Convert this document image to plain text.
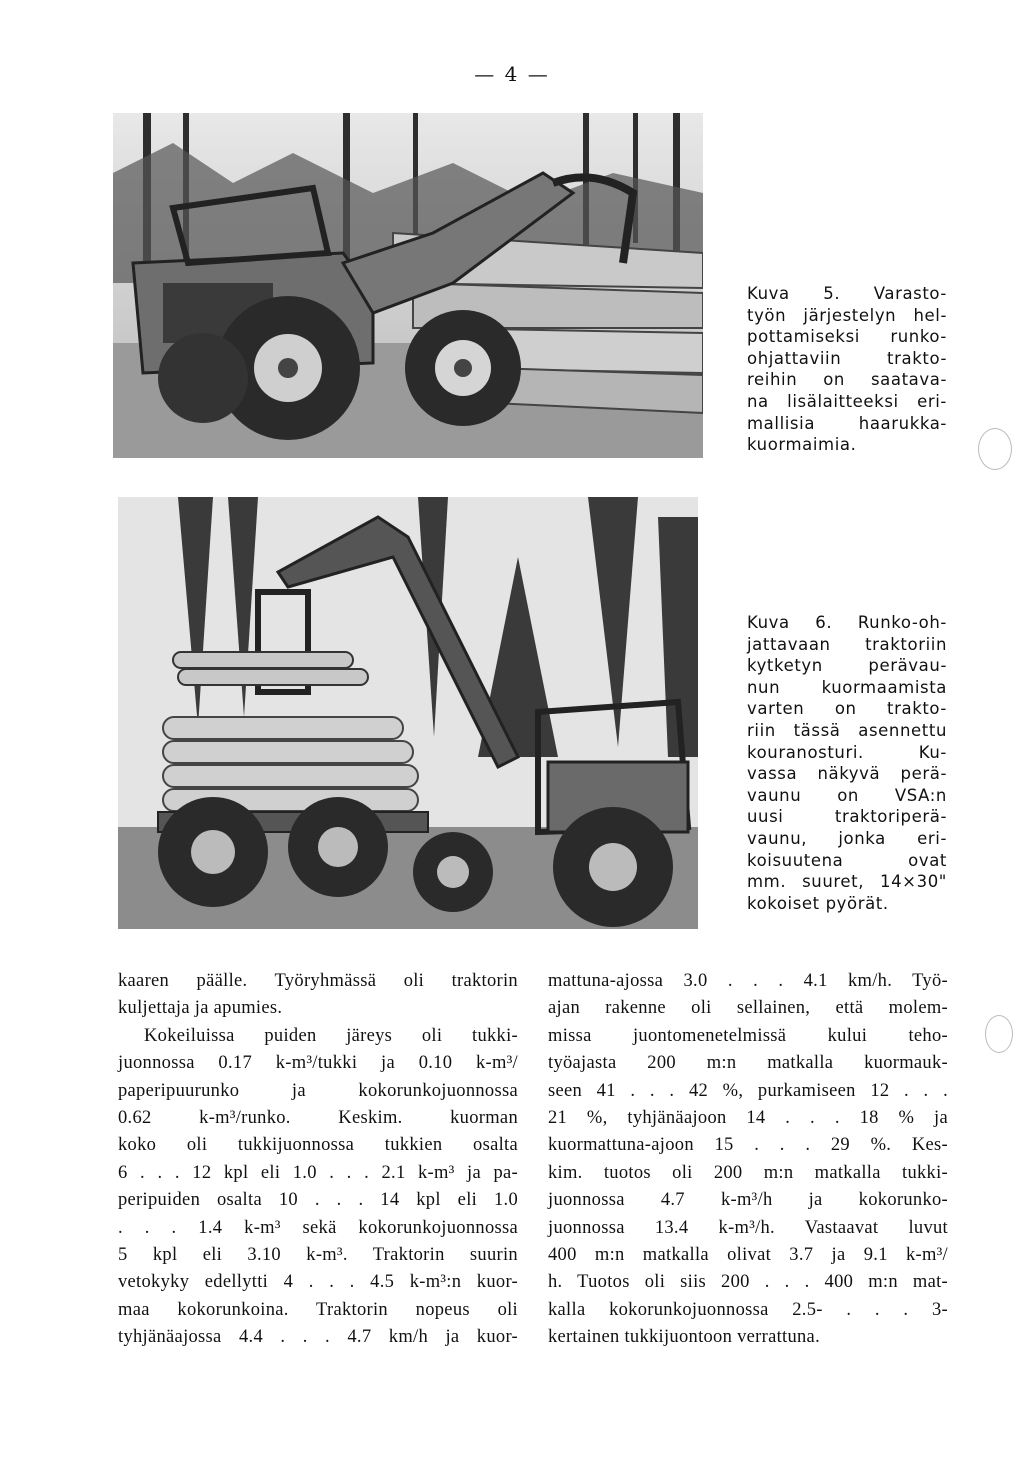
— 4 —
Kuva 5. Varasto-
työn järjestelyn hel-
pottamiseksi runko-
ohjattaviin trakto-
reihin on saatava-
na lisälaitteeksi eri-
mallisia haarukka-
kuormaimia.
Kuva 6. Runko-oh-
jattavaan traktoriin
kytketyn perävau-
nun kuormaamista
varten on trakto-
riin tässä asennettu
kouranosturi. Ku-
vassa näkyvä perä-
vaunu on VSA:n
uusi traktoriperä-
vaunu, jonka eri-
koisuutena ovat
mm. suuret, 14×30"
kokoiset pyörät.
kaaren päälle. Työryhmässä oli traktorin
kuljettaja ja apumies.
Kokeiluissa puiden järeys oli tukki-
juonnossa 0.17 k-m³/tukki ja 0.10 k-m³/
paperipuurunko ja kokorunkojuonnossa
0.62 k-m³/runko. Keskim. kuorman
koko oli tukkijuonnossa tukkien osalta
6 . . . 12 kpl eli 1.0 . . . 2.1 k-m³ ja pa-
peripuiden osalta 10 . . . 14 kpl eli 1.0
. . . 1.4 k-m³ sekä kokorunkojuonnossa
5 kpl eli 3.10 k-m³. Traktorin suurin
vetokyky edellytti 4 . . . 4.5 k-m³:n kuor-
maa kokorunkoina. Traktorin nopeus oli
tyhjänäajossa 4.4 . . . 4.7 km/h ja kuor-
mattuna-ajossa 3.0 . . . 4.1 km/h. Työ-
ajan rakenne oli sellainen, että molem-
missa juontomenetelmissä kului teho-
työajasta 200 m:n matkalla kuormauk-
seen 41 . . . 42 %, purkamiseen 12 . . .
21 %, tyhjänäajoon 14 . . . 18 % ja
kuormattuna-ajoon 15 . . . 29 %. Kes-
kim. tuotos oli 200 m:n matkalla tukki-
juonnossa 4.7 k-m³/h ja kokorunko-
juonnossa 13.4 k-m³/h. Vastaavat luvut
400 m:n matkalla olivat 3.7 ja 9.1 k-m³/
h. Tuotos oli siis 200 . . . 400 m:n mat-
kalla kokorunkojuonnossa 2.5- . . . 3-
kertainen tukkijuontoon verrattuna.
